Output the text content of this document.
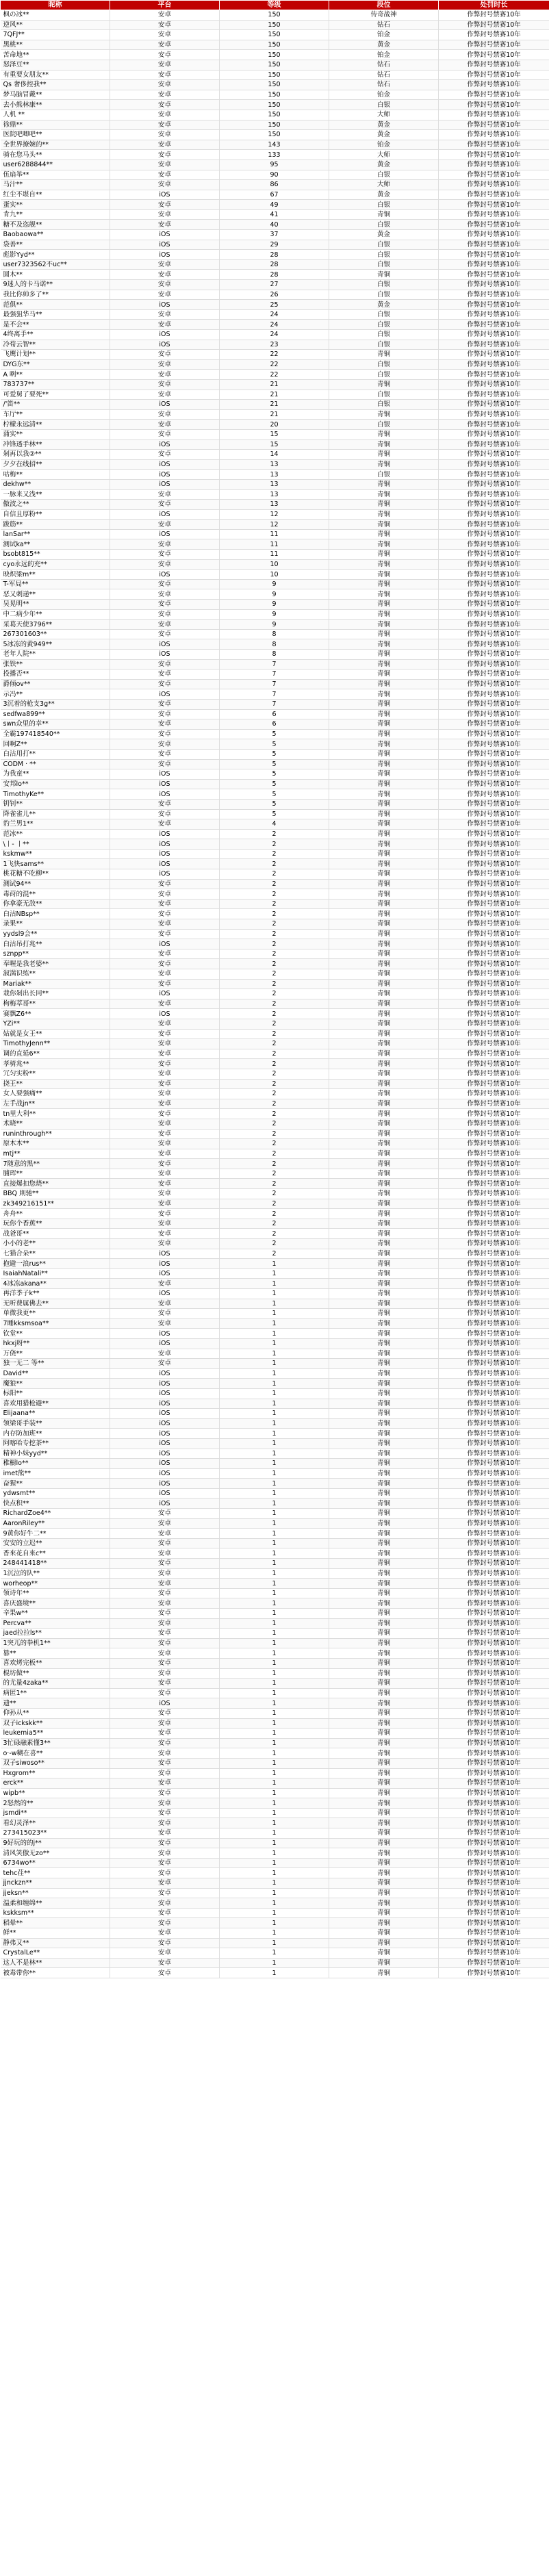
昵称	平台	等级	段位	处罚时长
枫の冰**	安卓	150	传奇战神	作弊封号禁赛10年
逆风**	安卓	150	钻石	作弊封号禁赛10年
7QFJ**	安卓	150	铂金	作弊封号禁赛10年
黑桃**	安卓	150	黄金	作弊封号禁赛10年
苦命地**	安卓	150	铂金	作弊封号禁赛10年
怒泽豆**	安卓	150	钻石	作弊封号禁赛10年
有重要女朋友**	安卓	150	钻石	作弊封号禁赛10年
Qs 奢侈控我**	安卓	150	钻石	作弊封号禁赛10年
梦马脑冒戴**	安卓	150	铂金	作弊封号禁赛10年
去小熊林康**	安卓	150	白银	作弊封号禁赛10年
人机 **	安卓	150	大师	作弊封号禁赛10年
徐鼎**	安卓	150	黄金	作弊封号禁赛10年
医院吧唧吧**	安卓	150	黄金	作弊封号禁赛10年
全世界撩婉的**	安卓	143	铂金	作弊封号禁赛10年
骑在您马头**	安卓	133	大师	作弊封号禁赛10年
user6288844**	安卓	95	黄金	作弊封号禁赛10年
伍扇举**	安卓	90	白银	作弊封号禁赛10年
马汁**	安卓	86	大师	作弊封号禁赛10年
红尘不堪自**	iOS	67	黄金	作弊封号禁赛10年
蛋实**	安卓	49	白银	作弊封号禁赛10年
肯九**	安卓	41	青铜	作弊封号禁赛10年
糖不及恣舰**	安卓	40	白银	作弊封号禁赛10年
Baobaowa**	iOS	37	黄金	作弊封号禁赛10年
袋善**	iOS	29	白银	作弊封号禁赛10年
彪影Yyd**	iOS	28	白银	作弊封号禁赛10年
user7323562不uc**	安卓	28	白银	作弊封号禁赛10年
圆木**	安卓	28	青铜	作弊封号禁赛10年
9迷人的卡马诺**	安卓	27	白银	作弊封号禁赛10年
我比你帅多了**	安卓	26	白银	作弊封号禁赛10年
范俱**	iOS	25	黄金	作弊封号禁赛10年
最强狙华马**	安卓	24	白银	作弊封号禁赛10年
是不会**	安卓	24	白银	作弊封号禁赛10年
4终离手**	iOS	24	白银	作弊封号禁赛10年
冷荀云智**	iOS	23	白银	作弊封号禁赛10年
飞鹰计划**	安卓	22	青铜	作弊封号禁赛10年
DYG东**	安卓	22	白银	作弊封号禁赛10年
A 咧**	安卓	22	白银	作弊封号禁赛10年
783737**	安卓	21	青铜	作弊封号禁赛10年
可爱舅了要死**	安卓	21	白银	作弊封号禁赛10年
/'笛**	iOS	21	白银	作弊封号禁赛10年
车厅**	安卓	21	青铜	作弊封号禁赛10年
柠檬永远清**	安卓	20	白银	作弊封号禁赛10年
蒲实**	安卓	15	青铜	作弊封号禁赛10年
冲锋透手林**	iOS	15	青铜	作弊封号禁赛10年
剁再以我②**	安卓	14	青铜	作弊封号禁赛10年
夕夕在线招**	iOS	13	青铜	作弊封号禁赛10年
咕梅**	iOS	13	白银	作弊封号禁赛10年
dekhw**	iOS	13	青铜	作弊封号禁赛10年
一脉来又浅**	安卓	13	青铜	作弊封号禁赛10年
傲波之**	安卓	13	青铜	作弊封号禁赛10年
自信且厚粉**	iOS	12	青铜	作弊封号禁赛10年
跋筋**	安卓	12	青铜	作弊封号禁赛10年
lanSar**	iOS	11	青铜	作弊封号禁赛10年
测试ka**	安卓	11	青铜	作弊封号禁赛10年
bsobt815**	安卓	11	青铜	作弊封号禁赛10年
cyo永远的充**	安卓	10	青铜	作弊封号禁赛10年
映炽梁m**	iOS	10	青铜	作弊封号禁赛10年
T-军局**	安卓	9	青铜	作弊封号禁赛10年
恶又刺递**	安卓	9	青铜	作弊封号禁赛10年
吴晃明**	安卓	9	青铜	作弊封号禁赛10年
中二病少年**	安卓	9	青铜	作弊封号禁赛10年
采葛天使3796**	安卓	9	青铜	作弊封号禁赛10年
267301603**	安卓	8	青铜	作弊封号禁赛10年
5冰冻的黄949**	iOS	8	青铜	作弊封号禁赛10年
老年人院**	iOS	8	青铜	作弊封号禁赛10年
张铁**	安卓	7	青铜	作弊封号禁赛10年
投播否**	安卓	7	青铜	作弊封号禁赛10年
爵倾ov**	安卓	7	青铜	作弊封号禁赛10年
示冯**	iOS	7	青铜	作弊封号禁赛10年
3沉着的枪支3g**	安卓	7	青铜	作弊封号禁赛10年
sedfwa899**	安卓	6	青铜	作弊封号禁赛10年
swn众里的幸**	安卓	6	青铜	作弊封号禁赛10年
全霸197418540**	安卓	5	青铜	作弊封号禁赛10年
回啊Z**	安卓	5	青铜	作弊封号禁赛10年
白沽用打**	安卓	5	青铜	作弊封号禁赛10年
CODM · **	安卓	5	青铜	作弊封号禁赛10年
为我童**	iOS	5	青铜	作弊封号禁赛10年
安邦lo**	iOS	5	青铜	作弊封号禁赛10年
TimothyKe**	iOS	5	青铜	作弊封号禁赛10年
钥钊**	安卓	5	青铜	作弊封号禁赛10年
降雀雀儿**	安卓	5	青铜	作弊封号禁赛10年
豹兰男1**	安卓	4	青铜	作弊封号禁赛10年
范冰**	iOS	2	青铜	作弊封号禁赛10年
\丨- 丨**	iOS	2	青铜	作弊封号禁赛10年
kskmw**	iOS	2	青铜	作弊封号禁赛10年
1飞快sams**	iOS	2	青铜	作弊封号禁赛10年
桃花糖不吃柳**	iOS	2	青铜	作弊封号禁赛10年
测试94**	安卓	2	青铜	作弊封号禁赛10年
毒莳的混**	安卓	2	青铜	作弊封号禁赛10年
你拿豪无敌**	安卓	2	青铜	作弊封号禁赛10年
白沽NBsp**	安卓	2	青铜	作弊封号禁赛10年
录果**	安卓	2	青铜	作弊封号禁赛10年
yydsl9会**	安卓	2	青铜	作弊封号禁赛10年
白沽吊打兆**	iOS	2	青铜	作弊封号禁赛10年
sznpp**	安卓	2	青铜	作弊封号禁赛10年
奉喔是我老婆**	安卓	2	青铜	作弊封号禁赛10年
淑满识练**	安卓	2	青铜	作弊封号禁赛10年
Mariak**	安卓	2	青铜	作弊封号禁赛10年
栽你剁出长同**	iOS	2	青铜	作弊封号禁赛10年
枸梅萃哥**	安卓	2	青铜	作弊封号禁赛10年
赛飘Z6**	iOS	2	青铜	作弊封号禁赛10年
YZi**	安卓	2	青铜	作弊封号禁赛10年
姑就是女王**	安卓	2	青铜	作弊封号禁赛10年
TimothyJenn**	安卓	2	青铜	作弊封号禁赛10年
调的直延6**	安卓	2	青铜	作弊封号禁赛10年
孝骑兆**	安卓	2	青铜	作弊封号禁赛10年
冗匀实粉**	安卓	2	青铜	作弊封号禁赛10年
挠王**	安卓	2	青铜	作弊封号禁赛10年
女人要强痛**	安卓	2	青铜	作弊封号禁赛10年
左手战jn**	安卓	2	青铜	作弊封号禁赛10年
tn里大利**	安卓	2	青铜	作弊封号禁赛10年
术晓**	安卓	2	青铜	作弊封号禁赛10年
runinthrough**	安卓	2	青铜	作弊封号禁赛10年
原木木**	安卓	2	青铜	作弊封号禁赛10年
mtj**	安卓	2	青铜	作弊封号禁赛10年
7随意的黑**	安卓	2	青铜	作弊封号禁赛10年
脯珲**	安卓	2	青铜	作弊封号禁赛10年
直接爆扣您烧**	安卓	2	青铜	作弊封号禁赛10年
BBQ 則驰**	安卓	2	青铜	作弊封号禁赛10年
zk349216151**	安卓	2	青铜	作弊封号禁赛10年
舟舟**	安卓	2	青铜	作弊封号禁赛10年
玩你个香蕉**	安卓	2	青铜	作弊封号禁赛10年
战爸哥**	安卓	2	青铜	作弊封号禁赛10年
小小的老**	安卓	2	青铜	作弊封号禁赛10年
七猫合朵**	iOS	2	青铜	作弊封号禁赛10年
抱避一浪rus**	iOS	1	青铜	作弊封号禁赛10年
IsaiahNatali**	iOS	1	青铜	作弊封号禁赛10年
4冰冻akana**	安卓	1	青铜	作弊封号禁赛10年
再洋季子k**	iOS	1	青铜	作弊封号禁赛10年
无听费属佛去**	安卓	1	青铜	作弊封号禁赛10年
单微我更**	安卓	1	青铜	作弊封号禁赛10年
7睡kksmsoa**	安卓	1	青铜	作弊封号禁赛10年
钦堂**	iOS	1	青铜	作弊封号禁赛10年
hkxj呀**	iOS	1	青铜	作弊封号禁赛10年
万侥**	安卓	1	青铜	作弊封号禁赛10年
独一无二 等**	安卓	1	青铜	作弊封号禁赛10年
David**	iOS	1	青铜	作弊封号禁赛10年
魔狼**	iOS	1	青铜	作弊封号禁赛10年
标阳**	iOS	1	青铜	作弊封号禁赛10年
喜欢用猎枪避**	iOS	1	青铜	作弊封号禁赛10年
Elijaana**	iOS	1	青铜	作弊封号禁赛10年
领梁哥手装**	iOS	1	青铜	作弊封号禁赛10年
内存防加班**	iOS	1	青铜	作弊封号禁赛10年
阿喀哈专挖茶**	iOS	1	青铜	作弊封号禁赛10年
精神小妹yyd**	iOS	1	青铜	作弊封号禁赛10年
稚橱lo**	iOS	1	青铜	作弊封号禁赛10年
imet熊**	iOS	1	青铜	作弊封号禁赛10年
奋猩**	iOS	1	青铜	作弊封号禁赛10年
ydwsmt**	iOS	1	青铜	作弊封号禁赛10年
快点积**	iOS	1	青铜	作弊封号禁赛10年
RichardZoe4**	安卓	1	青铜	作弊封号禁赛10年
AaronRiley**	安卓	1	青铜	作弊封号禁赛10年
9黄你好牛二**	安卓	1	青铜	作弊封号禁赛10年
安安的立迟**	安卓	1	青铜	作弊封号禁赛10年
香來花自來c**	安卓	1	青铜	作弊封号禁赛10年
248441418**	安卓	1	青铜	作弊封号禁赛10年
1沉泣的队**	安卓	1	青铜	作弊封号禁赛10年
worheop**	安卓	1	青铜	作弊封号禁赛10年
领诗年**	安卓	1	青铜	作弊封号禁赛10年
喜庆盛境**	安卓	1	青铜	作弊封号禁赛10年
辛果w**	安卓	1	青铜	作弊封号禁赛10年
Percva**	安卓	1	青铜	作弊封号禁赛10年
jaed拉拉ls**	安卓	1	青铜	作弊封号禁赛10年
1突兀的拳机1**	安卓	1	青铜	作弊封号禁赛10年
篡**	安卓	1	青铜	作弊封号禁赛10年
喜欢烤完板**	安卓	1	青铜	作弊封号禁赛10年
棍坊做**	安卓	1	青铜	作弊封号禁赛10年
的尤量4zaka**	安卓	1	青铜	作弊封号禁赛10年
病匿1**	安卓	1	青铜	作弊封号禁赛10年
遗**	iOS	1	青铜	作弊封号禁赛10年
仰孙从**	安卓	1	青铜	作弊封号禁赛10年
双子ickskk**	安卓	1	青铜	作弊封号禁赛10年
leukemia5**	安卓	1	青铜	作弊封号禁赛10年
3忙碌融素懂3**	安卓	1	青铜	作弊封号禁赛10年
o·-w糊在喜**	安卓	1	青铜	作弊封号禁赛10年
双子siwoso**	安卓	1	青铜	作弊封号禁赛10年
Hxgrom**	安卓	1	青铜	作弊封号禁赛10年
erck**	安卓	1	青铜	作弊封号禁赛10年
wipb**	安卓	1	青铜	作弊封号禁赛10年
2怒然的**	安卓	1	青铜	作弊封号禁赛10年
jsmdi**	安卓	1	青铜	作弊封号禁赛10年
看幻灵泽**	安卓	1	青铜	作弊封号禁赛10年
273415023**	安卓	1	青铜	作弊封号禁赛10年
9好玩的的j**	安卓	1	青铜	作弊封号禁赛10年
清风笑傲无zo**	安卓	1	青铜	作弊封号禁赛10年
6734wo**	安卓	1	青铜	作弊封号禁赛10年
tehc荏**	安卓	1	青铜	作弊封号禁赛10年
jjnckzn**	安卓	1	青铜	作弊封号禁赛10年
jjeksn**	安卓	1	青铜	作弊封号禁赛10年
温柔和缠绵**	安卓	1	青铜	作弊封号禁赛10年
kskksm**	安卓	1	青铜	作弊封号禁赛10年
稻晕**	安卓	1	青铜	作弊封号禁赛10年
鲜**	安卓	1	青铜	作弊封号禁赛10年
静弗又**	安卓	1	青铜	作弊封号禁赛10年
CrystalLe**	安卓	1	青铜	作弊封号禁赛10年
这人不是林**	安卓	1	青铜	作弊封号禁赛10年
被毒带你**	安卓	1	青铜	作弊封号禁赛10年
